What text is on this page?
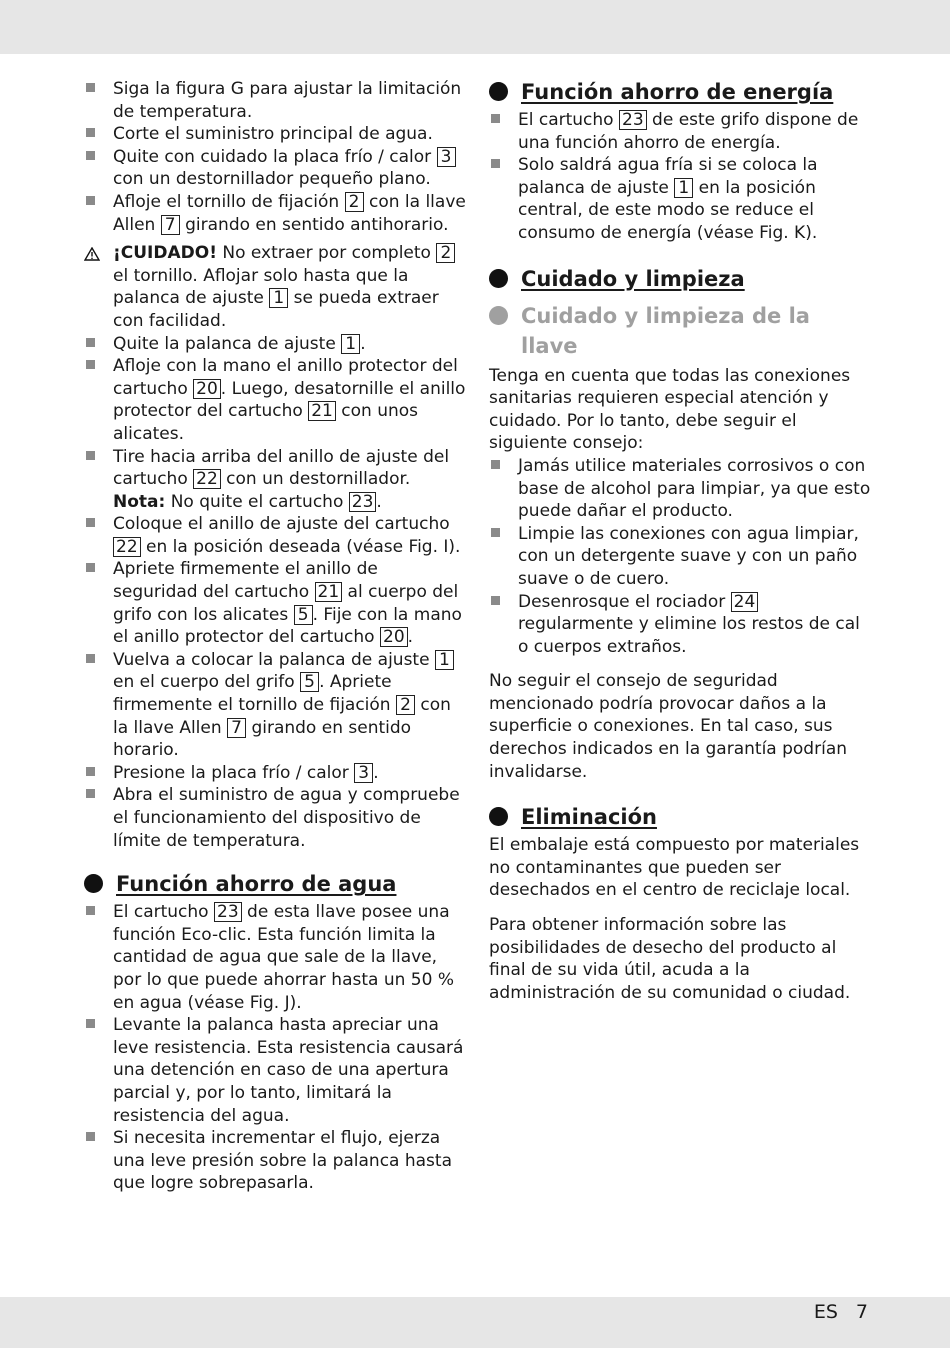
Siga la figura G para ajustar la limitación de temperatura.
Corte el suministro principal de agua.
Quite con cuidado la placa frío / calor 3 con un destornillador pequeño plano.
Afloje el tornillo de fijación 2 con la llave Allen 7 girando en sentido antihorario.
¡CUIDADO! No extraer por completo 2 el tornillo. Aflojar solo hasta que la palanca de ajuste 1 se pueda extraer con facilidad.
Quite la palanca de ajuste 1 .
Afloje con la mano el anillo protector del cartucho 20 . Luego, desatornille el anillo protector del cartucho 21 con unos alicates.
Tire hacia arriba del anillo de ajuste del cartucho 22 con un destornillador.
Nota: No quite el cartucho 23 .
Coloque el anillo de ajuste del cartucho 22 en la posición deseada (véase Fig. I).
Apriete firmemente el anillo de seguridad del cartucho 21 al cuerpo del grifo con los alicates 5 . Fije con la mano el anillo protector del cartucho 20 .
Vuelva a colocar la palanca de ajuste 1 en el cuerpo del grifo 5 . Apriete firmemente el tornillo de fijación 2 con la llave Allen 7 girando en sentido horario.
Presione la placa frío / calor 3 .
Abra el suministro de agua y compruebe el funcionamiento del dispositivo de límite de temperatura.
Función ahorro de agua
El cartucho 23 de esta llave posee una función Eco-clic. Esta función limita la cantidad de agua que sale de la llave, por lo que puede ahorrar hasta un 50 % en agua (véase Fig. J).
Levante la palanca hasta apreciar una leve resistencia. Esta resistencia causará una detención en caso de una apertura parcial y, por lo tanto, limitará la resistencia del agua.
Si necesita incrementar el flujo, ejerza una leve presión sobre la palanca hasta que logre sobrepasarla.
Función ahorro de energía
El cartucho 23 de este grifo dispone de una función ahorro de energía.
Solo saldrá agua fría si se coloca la palanca de ajuste 1 en la posición central, de este modo se reduce el consumo de energía (véase Fig. K).
Cuidado y limpieza
Cuidado y limpieza de la llave

Tenga en cuenta que todas las conexiones sanitarias requieren especial atención y cuidado. Por lo tanto, debe seguir el siguiente consejo:

Jamás utilice materiales corrosivos o con base de alcohol para limpiar, ya que esto puede dañar el producto.
Limpie las conexiones con agua limpiar, con un detergente suave y con un paño suave o de cuero.
Desenrosque el rociador 24 regularmente y elimine los restos de cal o cuerpos extraños.

No seguir el consejo de seguridad mencionado podría provocar daños a la superficie o conexiones. En tal caso, sus derechos indicados en la garantía podrían invalidarse.

Eliminación

El embalaje está compuesto por materiales no contaminantes que pueden ser desechados en el centro de reciclaje local.

Para obtener información sobre las posibilidades de desecho del producto al final de su vida útil, acuda a la administración de su comunidad o ciudad.

ES 7
